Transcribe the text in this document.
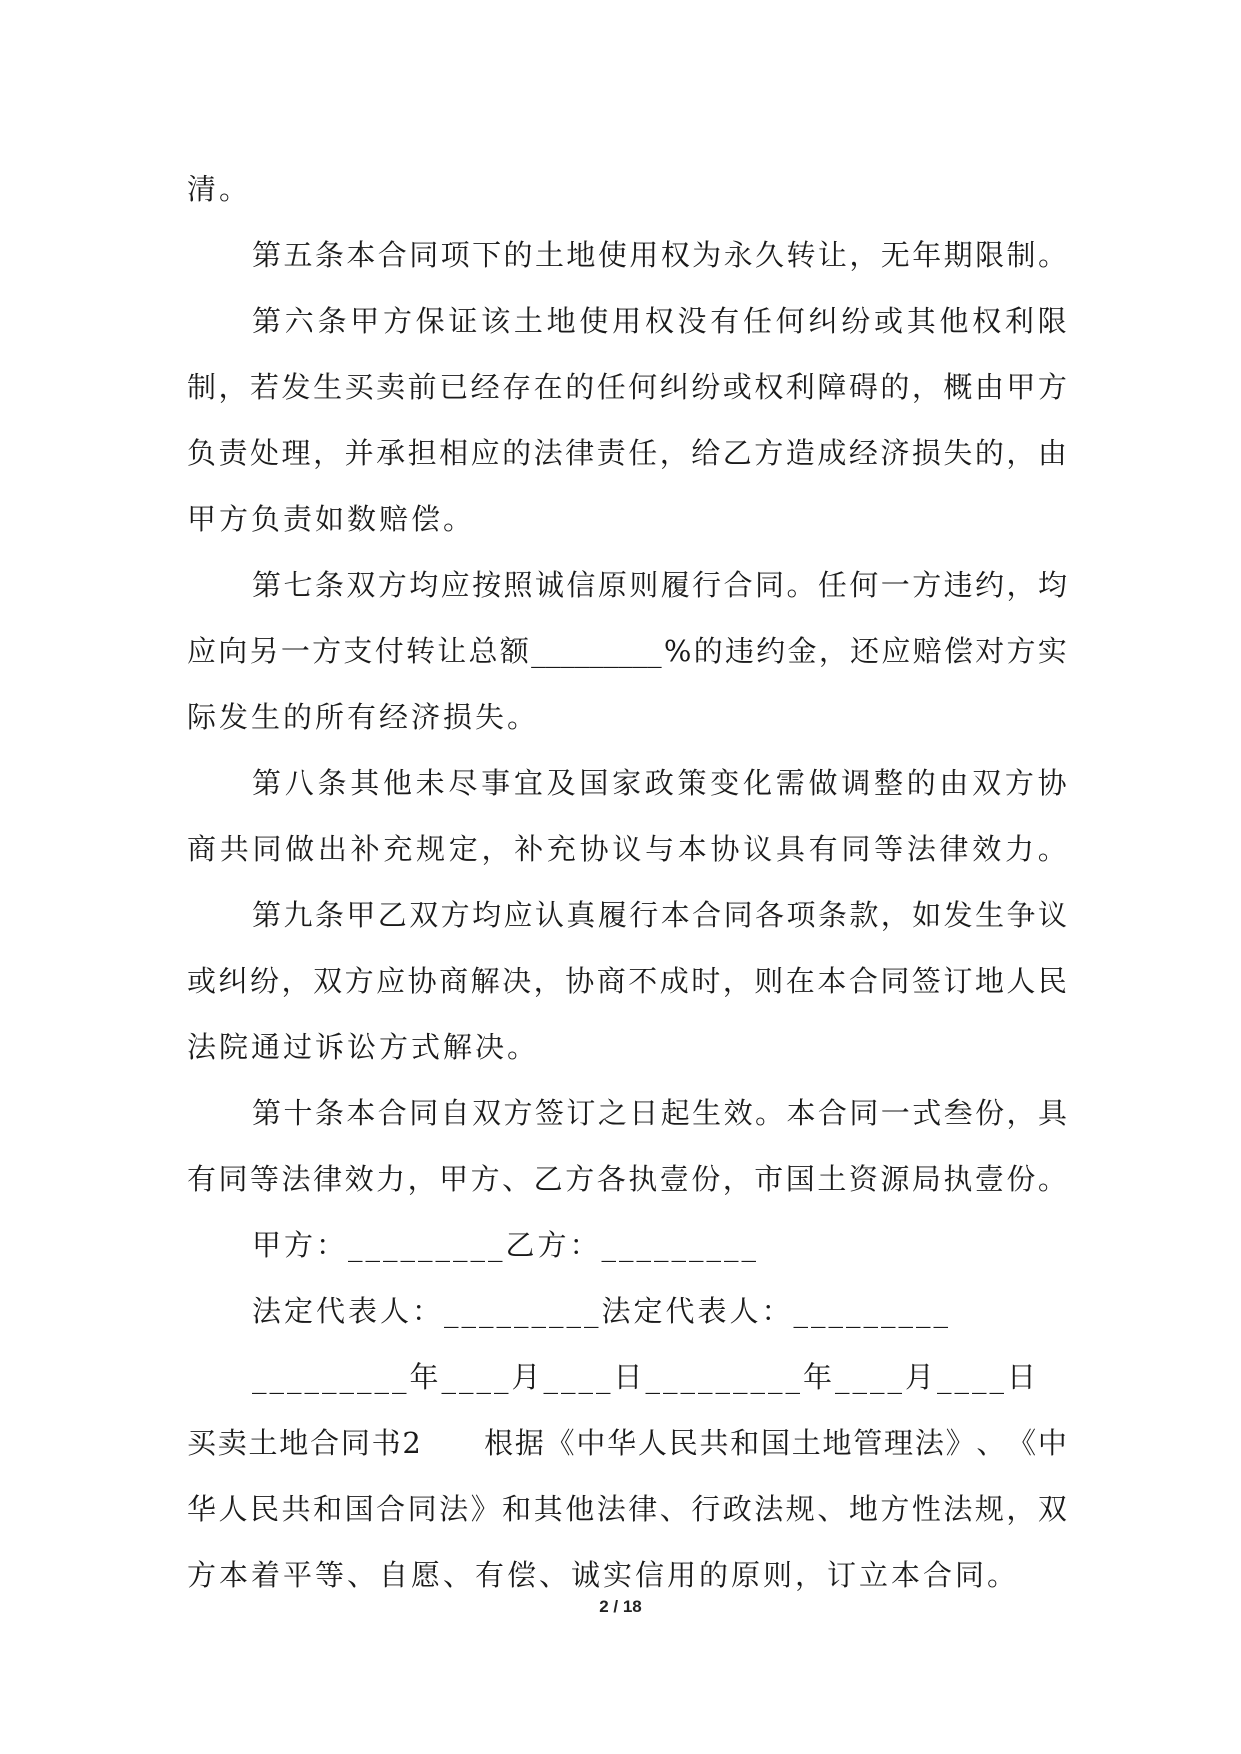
清。
第 五 条 本 合 同 项 下 的 土 地 使 用 权 为 永 久 转 让 ， 无 年 期 限 制 。
第 六 条 甲 方 保 证 该 土 地 使 用 权 没 有 任 何 纠 纷 或 其 他 权 利 限
制 ， 若 发 生 买 卖 前 已 经 存 在 的 任 何 纠 纷 或 权 利 障 碍 的 ， 概 由 甲 方
负 责 处 理 ， 并 承 担 相 应 的 法 律 责 任 ， 给 乙 方 造 成 经 济 损 失 的 ， 由
甲方负责如数赔偿。
第 七 条 双 方 均 应 按 照 诚 信 原 则 履 行 合 同 。 任 何 一 方 违 约 ， 均
应 向 另 一 方 支 付 转 让 总 额 _________ % 的 违 约 金 ， 还 应 赔 偿 对 方 实
际发生的所有经济损失。
第 八 条 其 他 未 尽 事 宜 及 国 家 政 策 变 化 需 做 调 整 的 由 双 方 协
商 共 同 做 出 补 充 规 定 ， 补 充 协 议 与 本 协 议 具 有 同 等 法 律 效 力 。
第 九 条 甲 乙 双 方 均 应 认 真 履 行 本 合 同 各 项 条 款 ， 如 发 生 争 议
或 纠 纷 ， 双 方 应 协 商 解 决 ， 协 商 不 成 时 ， 则 在 本 合 同 签 订 地 人 民
法院通过诉讼方式解决。
第 十 条 本 合 同 自 双 方 签 订 之 日 起 生 效 。 本 合 同 一 式 叁 份 ， 具
有 同 等 法 律 效 力 ， 甲 方 、 乙 方 各 执 壹 份 ， 市 国 土 资 源 局 执 壹 份 。
甲方：_________乙方：_________
法定代表人：_________法定代表人：_________
_________年____月____日_________年____月____日
买 卖 土 地 合 同 书 2

　 根 据 《 中 华 人 民 共 和 国 土 地 管 理 法 》 、 《 中
华 人 民 共 和 国 合 同 法 》 和 其 他 法 律 、 行 政 法 规 、 地 方 性 法 规 ， 双
方本着平等、自愿、有偿、诚实信用的原则，订立本合同。
2 / 18
